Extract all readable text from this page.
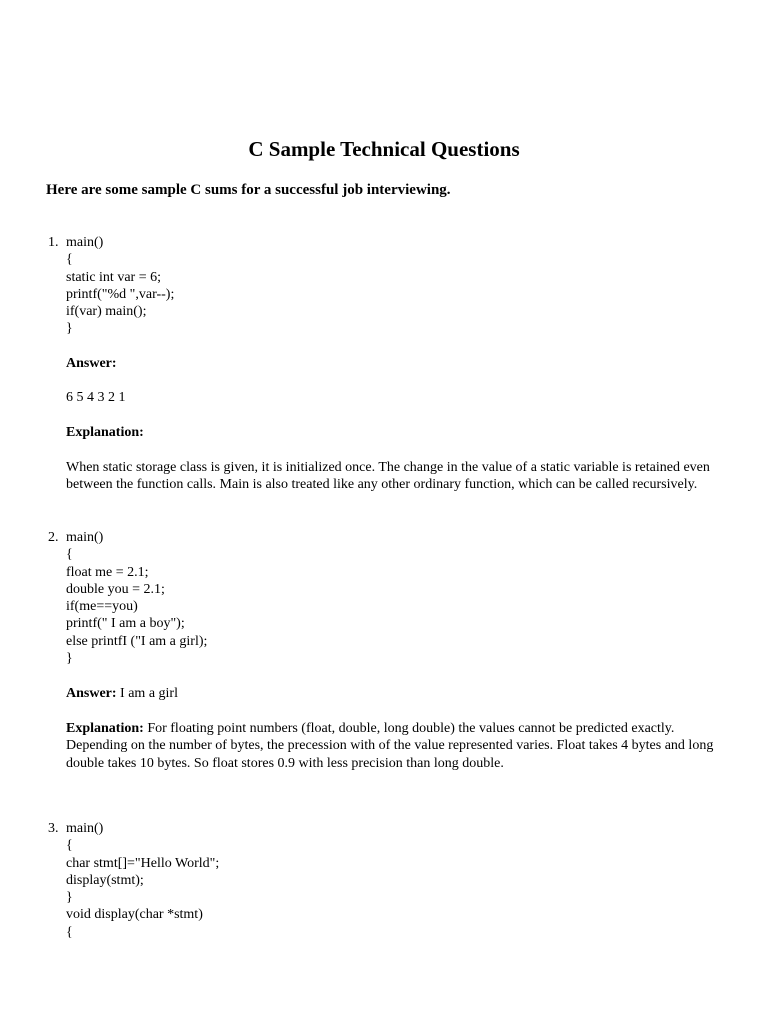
C Sample Technical Questions
Here are some sample C sums for a successful job interviewing.
1. main()
{
static int var = 6;
printf("%d ",var--);
if(var) main();
}
Answer:
6 5 4 3 2 1
Explanation:
When static storage class is given, it is initialized once. The change in the value of a static variable is retained even between the function calls. Main is also treated like any other ordinary function, which can be called recursively.
2. main()
{
float me = 2.1;
double you = 2.1;
if(me==you)
printf(" I am a boy");
else printfI ("I am a girl);
}
Answer: I am a girl
Explanation: For floating point numbers (float, double, long double) the values cannot be predicted exactly. Depending on the number of bytes, the precession with of the value represented varies. Float takes 4 bytes and long double takes 10 bytes. So float stores 0.9 with less precision than long double.
3. main()
{
char stmt[]="Hello World";
display(stmt);
}
void display(char *stmt)
{
